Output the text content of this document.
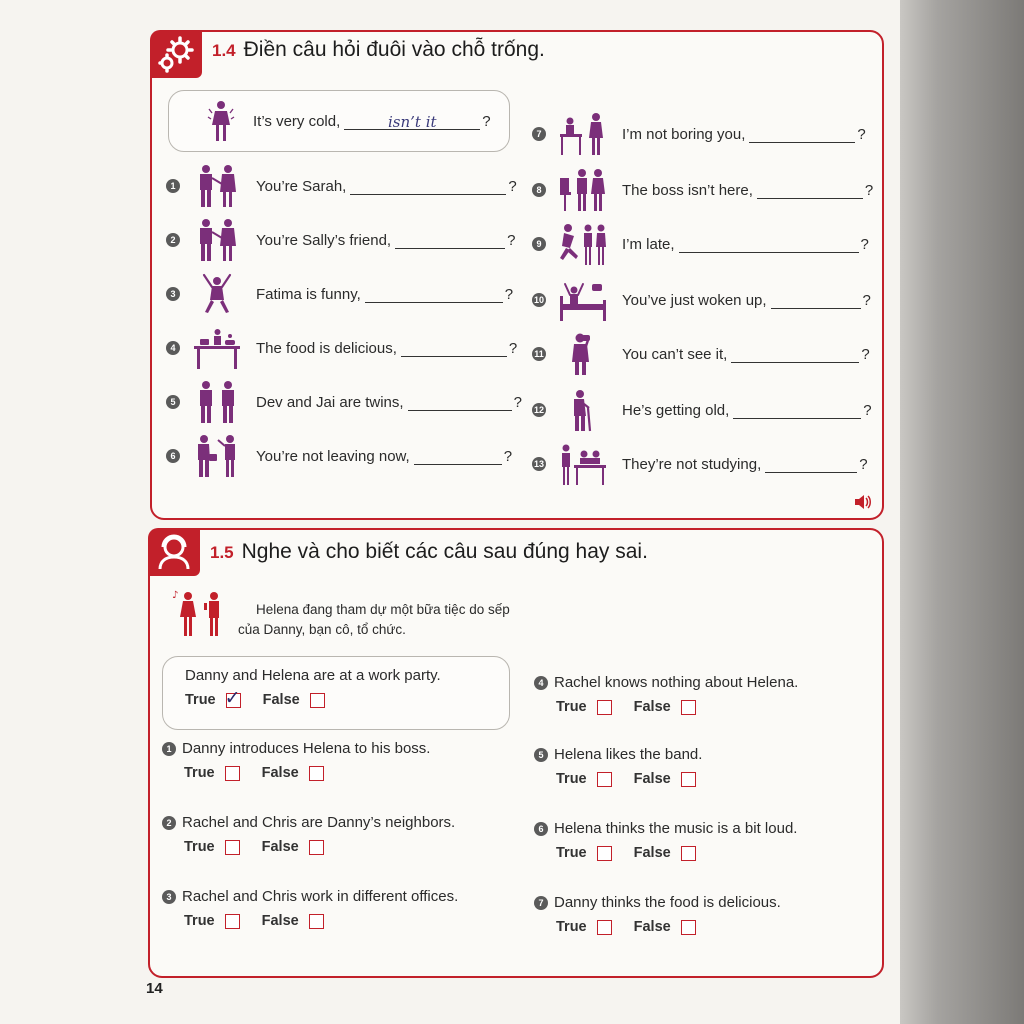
1.4 Điền câu hỏi đuôi vào chỗ trống.
It’s very cold,	isn’t it	?
1	You’re Sarah,	?
2	You’re Sally’s friend,	?
3	Fatima is funny,	?
4	The food is delicious,	?
5	Dev and Jai are twins,	?
6	You’re not leaving now,	?
7	I’m not boring you,	?
8	The boss isn’t here,	?
9	I’m late,	?
10	You’ve just woken up,	?
11	You can’t see it,	?
12	He’s getting old,	?
13	They’re not studying,	?
1.5 Nghe và cho biết các câu sau đúng hay sai.
♪
Helena đang tham dự một bữa tiệc do sếp
của Danny, bạn cô, tổ chức.
Danny and Helena are at a work party.
True ✓ False
1 Danny introduces Helena to his boss.
True	False
2 Rachel and Chris are Danny’s neighbors.
True	False
3 Rachel and Chris work in different offices.
True	False
4 Rachel knows nothing about Helena.
True	False
5 Helena likes the band.
True	False
6 Helena thinks the music is a bit loud.
True	False
7 Danny thinks the food is delicious.
True	False
14
